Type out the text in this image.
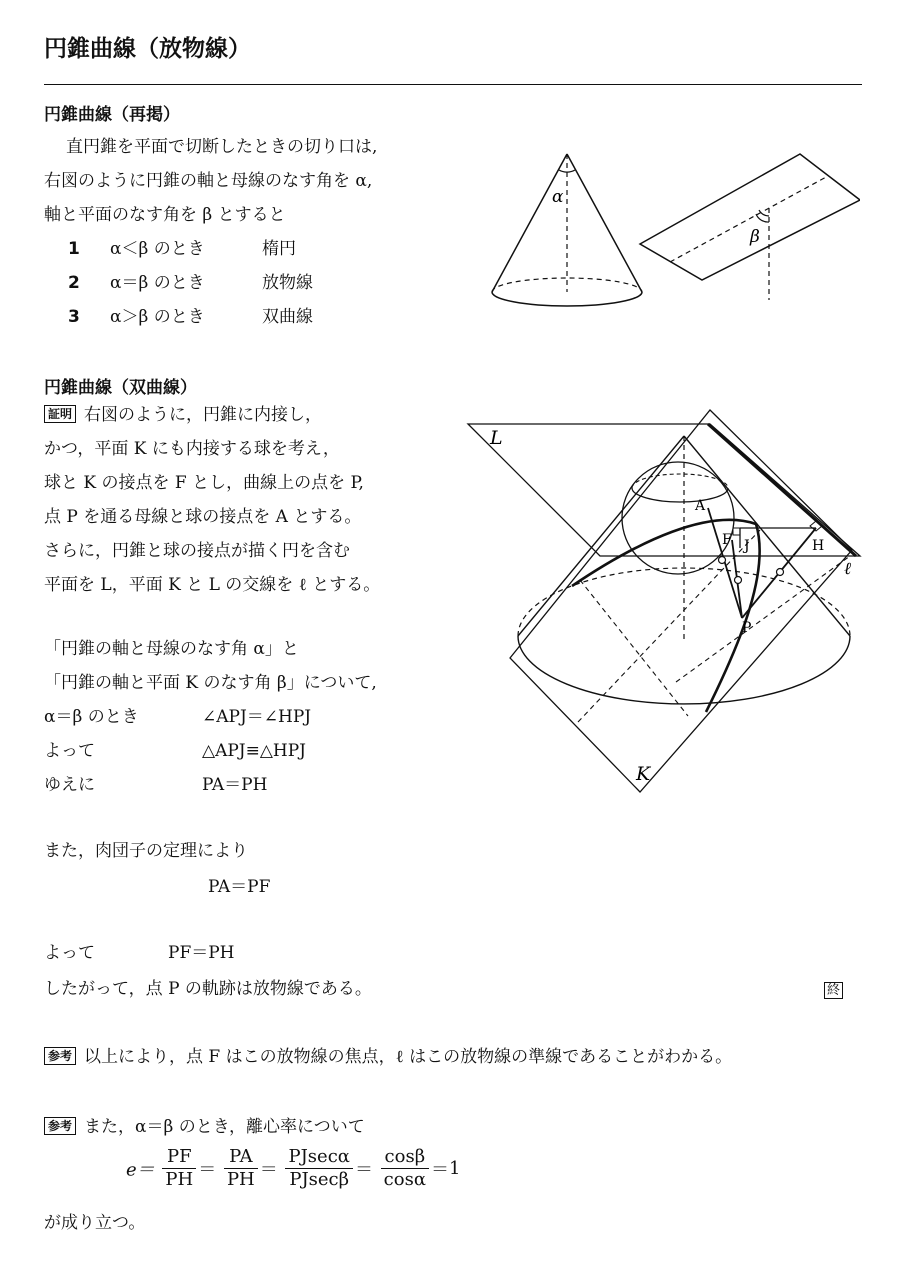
円錐曲線（放物線）
円錐曲線（再掲）
直円錐を平面で切断したときの切り口は,
右図のように円錐の軸と母線のなす角を α,
軸と平面のなす角を β とすると
1 α＜β のとき	楕円
2 α＝β のとき	放物線
3 α＞β のとき	双曲線
α
β
円錐曲線（双曲線）
証明 右図のように，円錐に内接し，
かつ，平面 K にも内接する球を考え，
球と K の接点を F とし，曲線上の点を P,
点 P を通る母線と球の接点を A とする。
さらに，円錐と球の接点が描く円を含む
平面を L，平面 K と L の交線を ℓ とする。
「円錐の軸と母線のなす角 α」と
「円錐の軸と平面 K のなす角 β」について,
α＝β のとき	∠APJ＝∠HPJ
よって	△APJ≡△HPJ
ゆえに	PA＝PH
また，肉団子の定理により
PA＝PF
よって	PF＝PH
したがって，点 P の軌跡は放物線である。	終
L
K
ℓ
A
F J	H
P
参考 以上により，点 F はこの放物線の焦点，ℓ はこの放物線の準線であることがわかる。
参考 また，α＝β のとき，離心率について
$e= \frac{PF}{PH} = \frac{PA}{PH} = \frac{PJsec\alpha}{PJsec\beta} = \frac{\cos\beta}{\cos\alpha} =1$
が成り立つ。
